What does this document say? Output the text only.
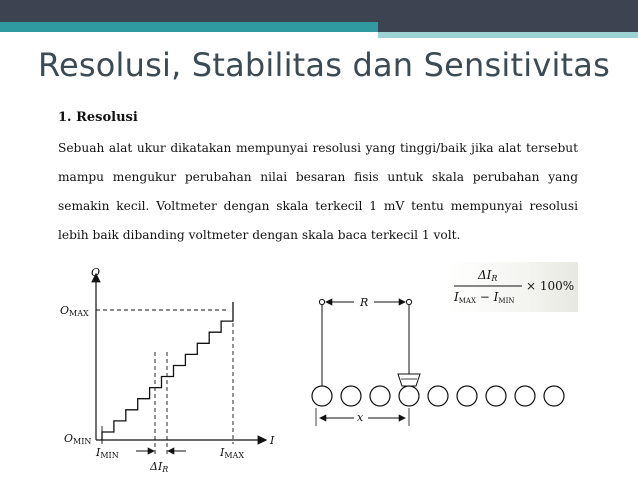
Resolusi, Stabilitas dan Sensitivitas
1. Resolusi

Sebuah alat ukur dikatakan mempunyai resolusi yang tinggi/baik jika alat tersebut mampu mengukur perubahan nilai besaran fisis untuk skala perubahan yang semakin kecil. Voltmeter dengan skala terkecil 1 mV tentu mempunyai resolusi lebih baik dibanding voltmeter dengan skala baca terkecil 1 volt.

O
I
OMAX
OMIN
IMIN	IMAX
ΔIR
ΔIR
IMAX − IMIN
× 100%
R
x
